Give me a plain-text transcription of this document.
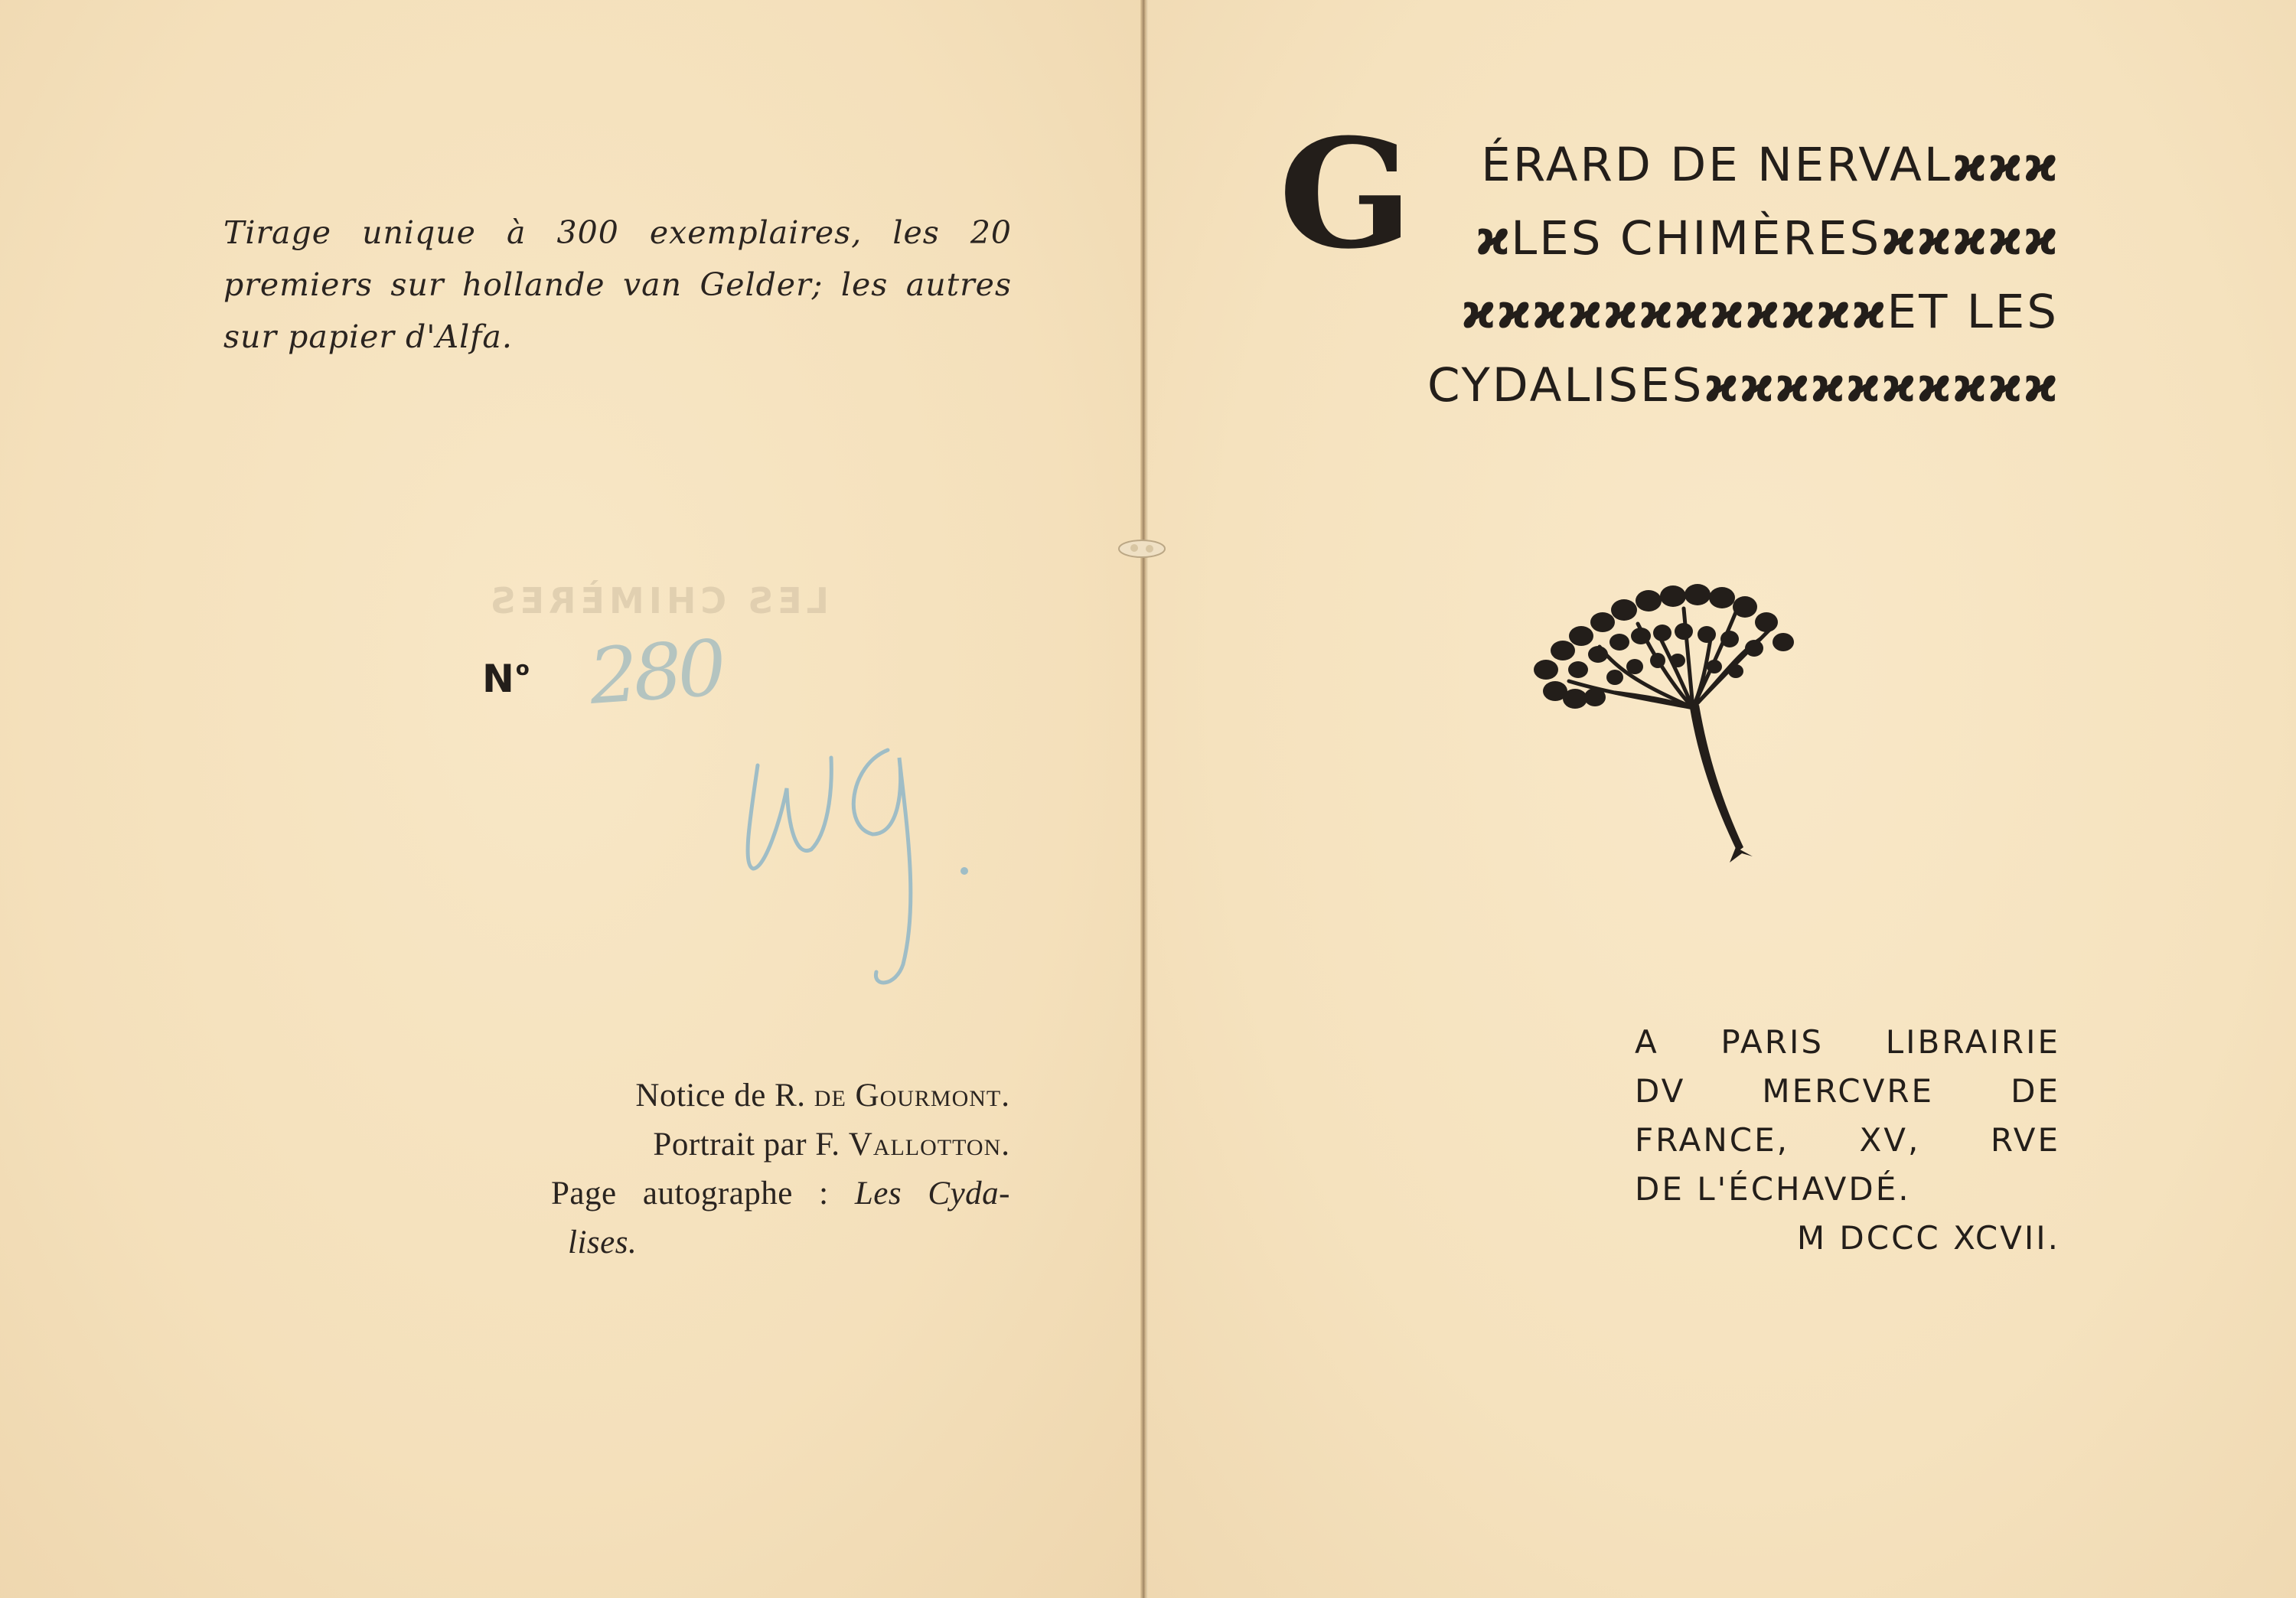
Tirage unique à 300 exemplaires, les 20 premiers sur hollande van Gelder; les autres sur papier d'Alfa.

LES CHIMÈRES
$N^o$ 280
Notice de R. de Gourmont.
Portrait par F. Vallotton.
Page autographe : Les Cyda-
lises.
G ÉRARD DE NERVALϰϰϰ
ϰLES CHIMÈRESϰϰϰϰϰ
ϰϰϰϰϰϰϰϰϰϰϰϰET LES
CYDALISESϰϰϰϰϰϰϰϰϰϰ
A PARIS LIBRAIRIE
DV MERCVRE DE
FRANCE, XV, RVE
DE L'ÉCHAVDÉ.
M DCCC XCVII.
